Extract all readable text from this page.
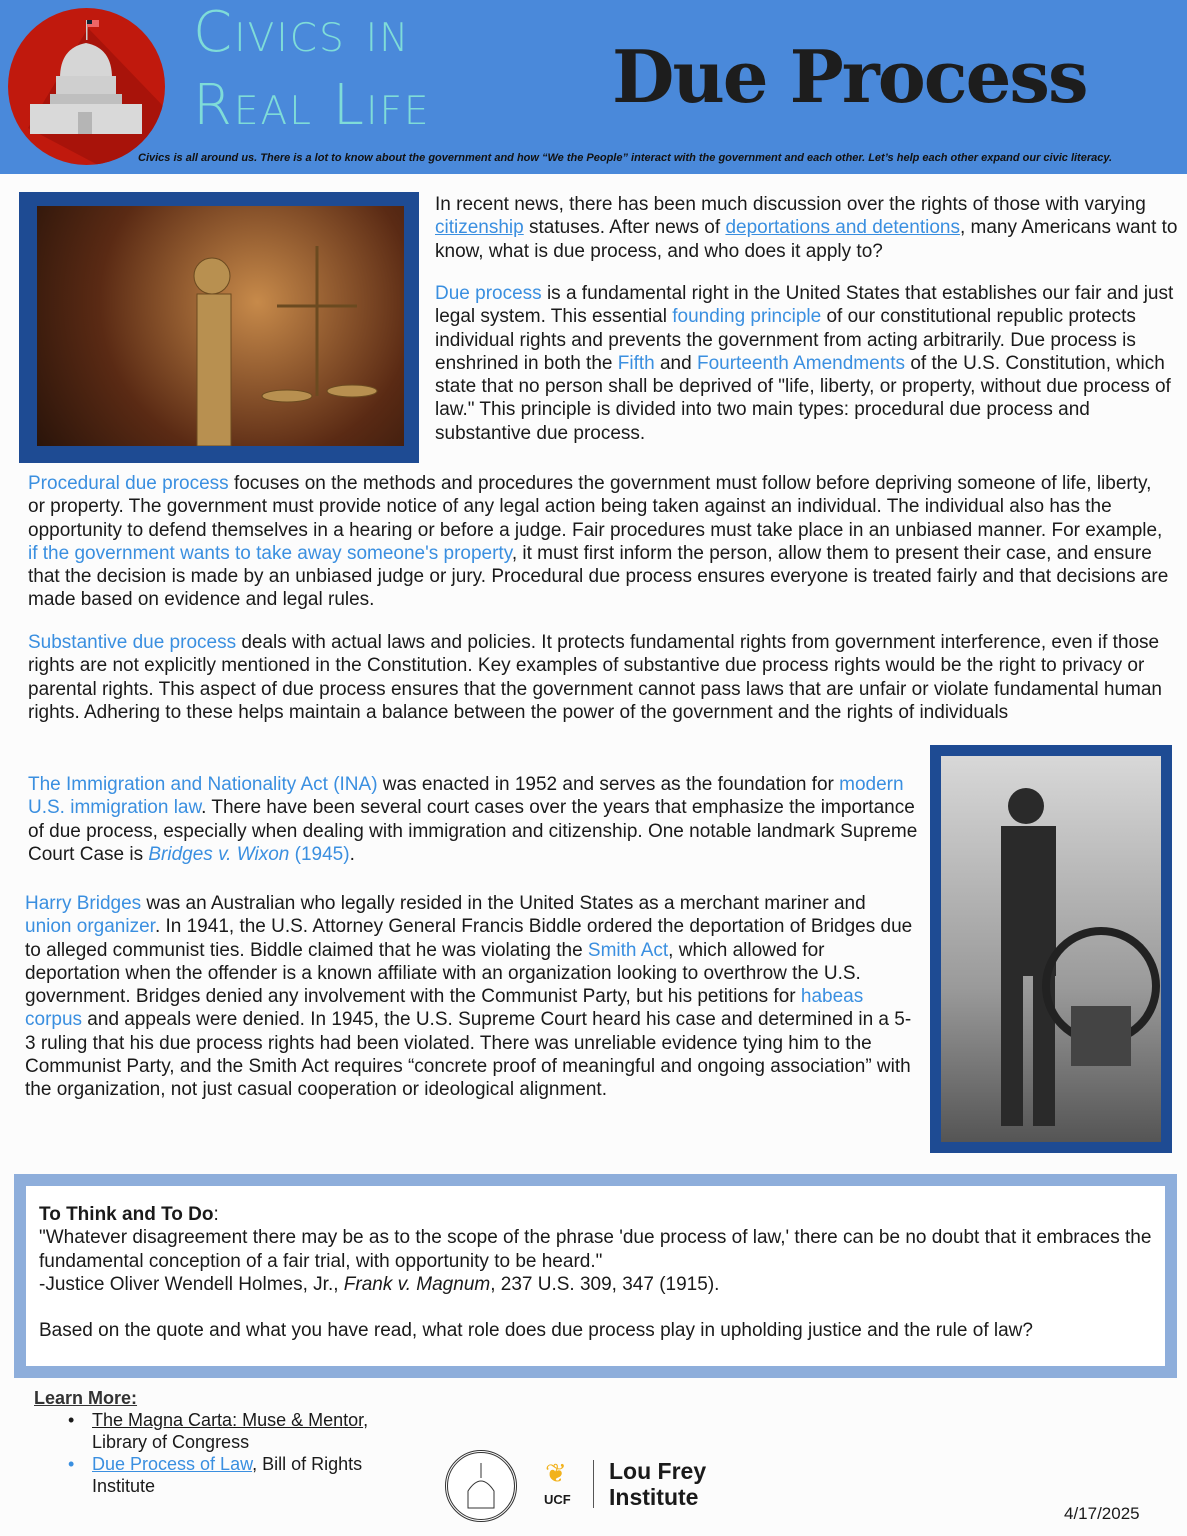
Civics in
Real Life	Due Process
Civics is all around us. There is a lot to know about the government and how “We the People” interact with the government and each other. Let’s help each other expand our civic literacy.
In recent news, there has been much discussion over the rights of those with varying citizenship statuses. After news of deportations and detentions, many Americans want to know, what is due process, and who does it apply to?
Due process is a fundamental right in the United States that establishes our fair and just legal system. This essential founding principle of our constitutional republic protects individual rights and prevents the government from acting arbitrarily. Due process is enshrined in both the Fifth and Fourteenth Amendments of the U.S. Constitution, which state that no person shall be deprived of "life, liberty, or property, without due process of law." This principle is divided into two main types: procedural due process and substantive due process.
Procedural due process focuses on the methods and procedures the government must follow before depriving someone of life, liberty, or property. The government must provide notice of any legal action being taken against an individual. The individual also has the opportunity to defend themselves in a hearing or before a judge. Fair procedures must take place in an unbiased manner. For example, if the government wants to take away someone's property, it must first inform the person, allow them to present their case, and ensure that the decision is made by an unbiased judge or jury. Procedural due process ensures everyone is treated fairly and that decisions are made based on evidence and legal rules.
Substantive due process deals with actual laws and policies. It protects fundamental rights from government interference, even if those rights are not explicitly mentioned in the Constitution. Key examples of substantive due process rights would be the right to privacy or parental rights. This aspect of due process ensures that the government cannot pass laws that are unfair or violate fundamental human rights. Adhering to these helps maintain a balance between the power of the government and the rights of individuals
The Immigration and Nationality Act (INA) was enacted in 1952 and serves as the foundation for modern U.S. immigration law. There have been several court cases over the years that emphasize the importance of due process, especially when dealing with immigration and citizenship. One notable landmark Supreme Court Case is Bridges v. Wixon (1945).
Harry Bridges was an Australian who legally resided in the United States as a merchant mariner and union organizer. In 1941, the U.S. Attorney General Francis Biddle ordered the deportation of Bridges due to alleged communist ties. Biddle claimed that he was violating the Smith Act, which allowed for deportation when the offender is a known affiliate with an organization looking to overthrow the U.S. government. Bridges denied any involvement with the Communist Party, but his petitions for habeas corpus and appeals were denied. In 1945, the U.S. Supreme Court heard his case and determined in a 5-3 ruling that his due process rights had been violated. There was unreliable evidence tying him to the Communist Party, and the Smith Act requires “concrete proof of meaningful and ongoing association” with the organization, not just casual cooperation or ideological alignment.
To Think and To Do:
"Whatever disagreement there may be as to the scope of the phrase 'due process of law,' there can be no doubt that it embraces the fundamental conception of a fair trial, with opportunity to be heard."
-Justice Oliver Wendell Holmes, Jr., Frank v. Magnum, 237 U.S. 309, 347 (1915).
Based on the quote and what you have read, what role does due process play in upholding justice and the rule of law?
Learn More:
• The Magna Carta: Muse & Mentor, Library of Congress
• Due Process of Law, Bill of Rights Institute	❦
UCF
Lou Frey Institute
4/17/2025
